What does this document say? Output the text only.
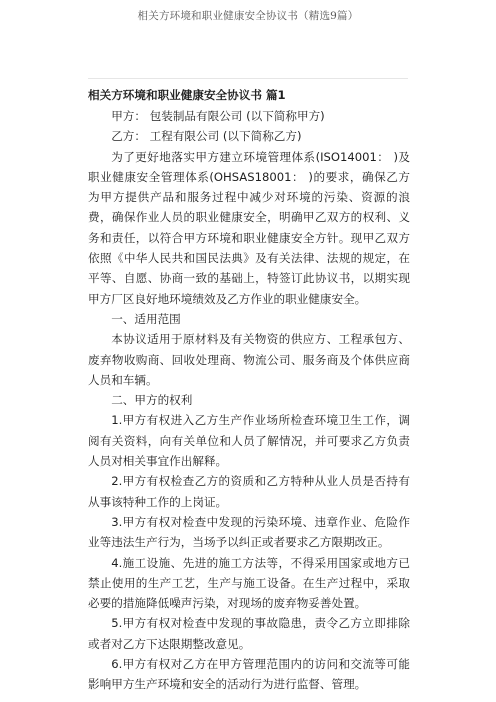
相关方环境和职业健康安全协议书（精选9篇）
相关方环境和职业健康安全协议书 篇1

甲方： 包装制品有限公司 (以下简称甲方)

乙方： 工程有限公司 (以下简称乙方)

为了更好地落实甲方建立环境管理体系(ISO14001： )及职业健康安全管理体系(OHSAS18001： )的要求，确保乙方为甲方提供产品和服务过程中减少对环境的污染、资源的浪费，确保作业人员的职业健康安全，明确甲乙双方的权利、义务和责任，以符合甲方环境和职业健康安全方针。现甲乙双方依照《中华人民共和国民法典》及有关法律、法规的规定，在平等、自愿、协商一致的基础上，特签订此协议书，以期实现甲方厂区良好地环境绩效及乙方作业的职业健康安全。

一、适用范围

本协议适用于原材料及有关物资的供应方、工程承包方、废弃物收购商、回收处理商、物流公司、服务商及个体供应商人员和车辆。

二、甲方的权利

1.甲方有权进入乙方生产作业场所检查环境卫生工作，调阅有关资料，向有关单位和人员了解情况，并可要求乙方负责人员对相关事宜作出解释。

2.甲方有权检查乙方的资质和乙方特种从业人员是否持有从事该特种工作的上岗证。

3.甲方有权对检查中发现的污染环境、违章作业、危险作业等违法生产行为，当场予以纠正或者要求乙方限期改正。

4.施工设施、先进的施工方法等，不得采用国家或地方已禁止使用的生产工艺，生产与施工设备。在生产过程中，采取必要的措施降低噪声污染，对现场的废弃物妥善处置。

5.甲方有权对检查中发现的事故隐患，责令乙方立即排除或者对乙方下达限期整改意见。

6.甲方有权对乙方在甲方管理范围内的访问和交流等可能影响甲方生产环境和安全的活动行为进行监督、管理。
